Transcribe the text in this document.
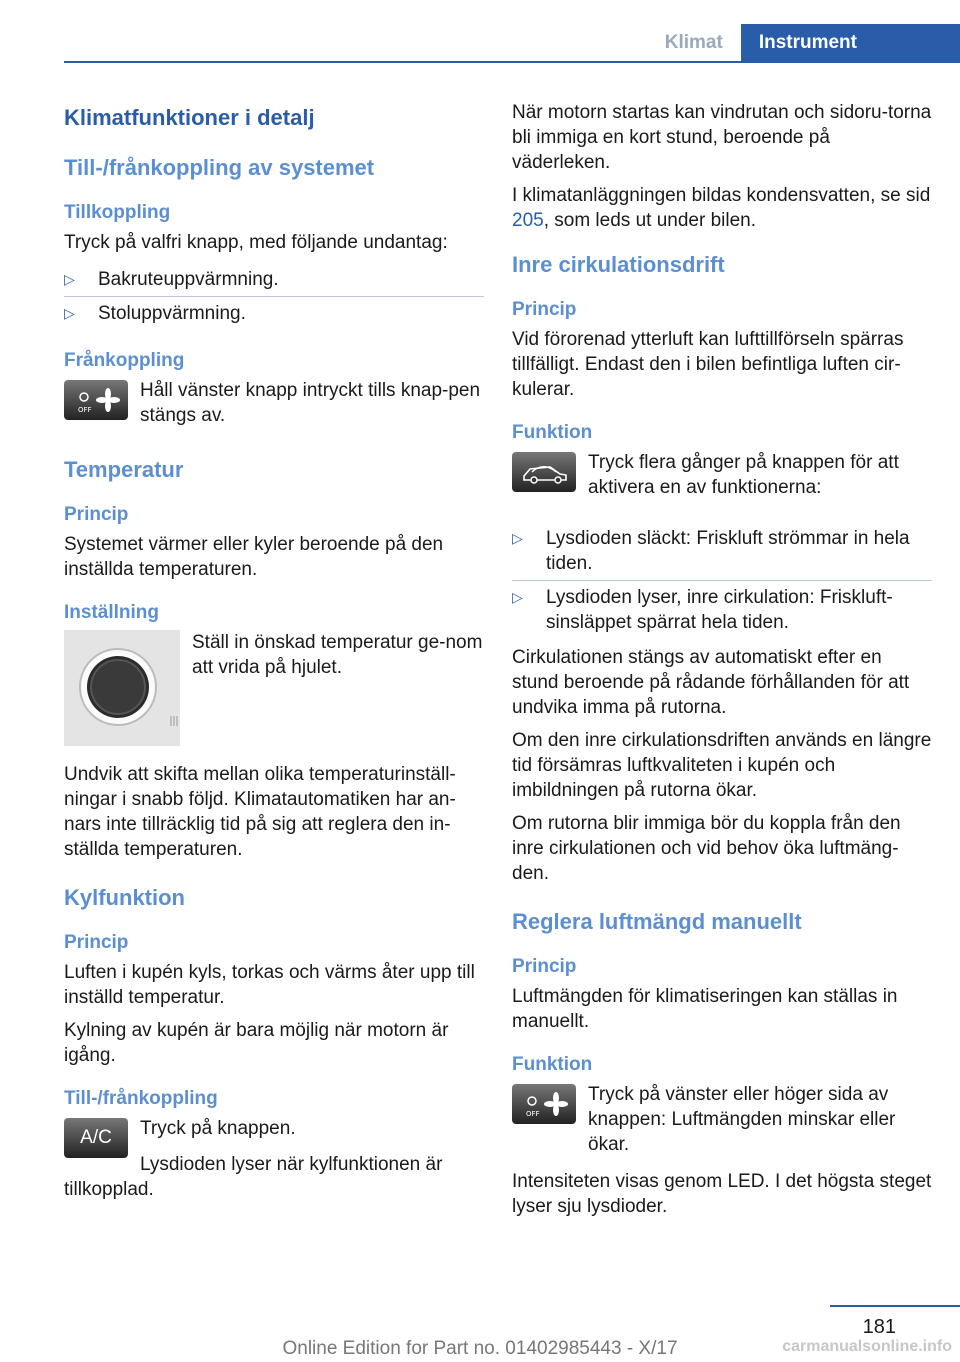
Klimat	Instrument
Klimatfunktioner i detalj
Till-/frånkoppling av systemet
Tillkoppling

Tryck på valfri knapp, med följande undantag:

▷	Bakruteuppvärmning.
▷	Stoluppvärmning.
Frånkoppling
OFF

Håll vänster knapp intryckt tills knap-pen stängs av.

Temperatur
Princip

Systemet värmer eller kyler beroende på den inställda temperaturen.

Inställning

Ställ in önskad temperatur ge-nom att vrida på hjulet.

Undvik att skifta mellan olika temperaturinställ-ningar i snabb följd. Klimatautomatiken har an-nars inte tillräcklig tid på sig att reglera den in-ställda temperaturen.

Kylfunktion
Princip

Luften i kupén kyls, torkas och värms åter upp till inställd temperatur.

Kylning av kupén är bara möjlig när motorn är igång.

Till-/frånkoppling
A/C Tryck på knappen.

Lysdioden lyser när kylfunktionen är tillkopplad.

När motorn startas kan vindrutan och sidoru-torna bli immiga en kort stund, beroende på väderleken.

I klimatanläggningen bildas kondensvatten, se sid 205, som leds ut under bilen.

Inre cirkulationsdrift
Princip

Vid förorenad ytterluft kan lufttillförseln spärras tillfälligt. Endast den i bilen befintliga luften cir-kulerar.

Funktion

Tryck flera gånger på knappen för att aktivera en av funktionerna:

▷	Lysdioden släckt: Friskluft strömmar in hela tiden.
▷	Lysdioden lyser, inre cirkulation: Friskluft-sinsläppet spärrat hela tiden.

Cirkulationen stängs av automatiskt efter en stund beroende på rådande förhållanden för att undvika imma på rutorna.

Om den inre cirkulationsdriften används en längre tid försämras luftkvaliteten i kupén och imbildningen på rutorna ökar.

Om rutorna blir immiga bör du koppla från den inre cirkulationen och vid behov öka luftmäng-den.

Reglera luftmängd manuellt
Princip

Luftmängden för klimatiseringen kan ställas in manuellt.

Funktion
OFF

Tryck på vänster eller höger sida av knappen: Luftmängden minskar eller ökar.

Intensiteten visas genom LED. I det högsta steget lyser sju lysdioder.

181
Online Edition for Part no. 01402985443 - X/17	carmanualsonline.info
